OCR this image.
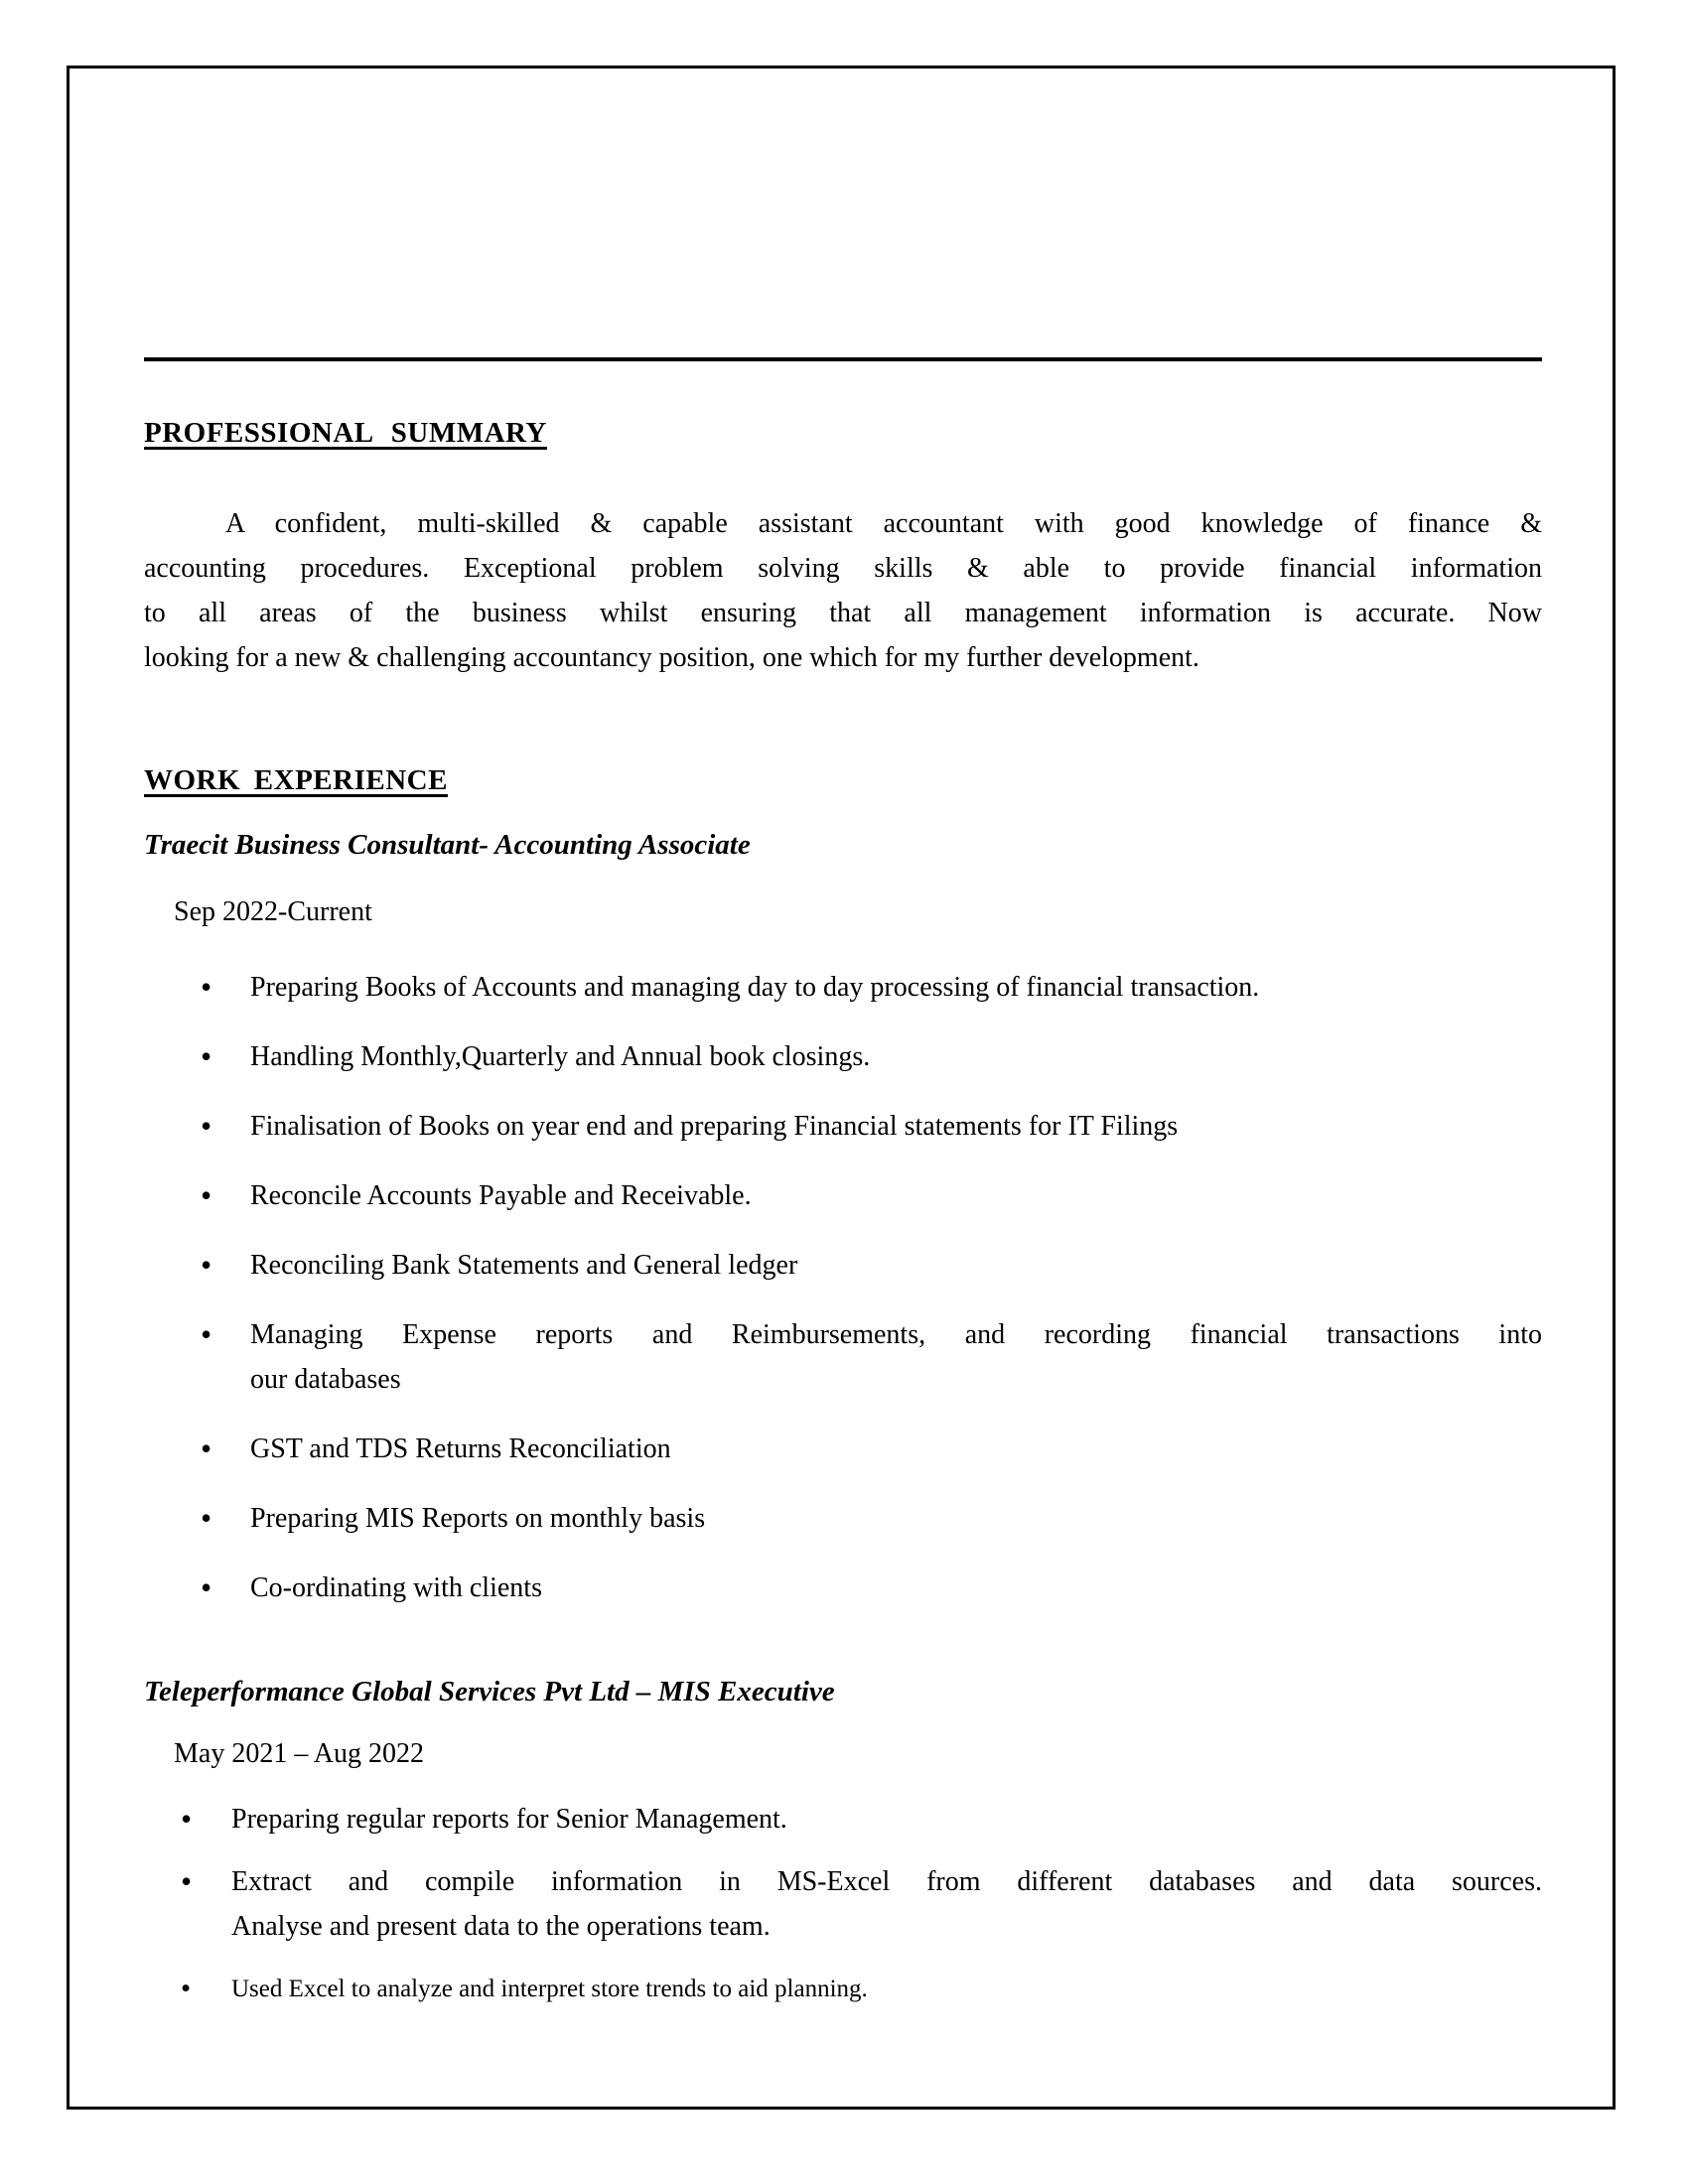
PROFESSIONAL SUMMARY
A confident, multi-skilled & capable assistant accountant with good knowledge of finance &
accounting procedures. Exceptional problem solving skills & able to provide financial information
to all areas of the business whilst ensuring that all management information is accurate. Now
looking for a new & challenging accountancy position, one which for my further development.
WORK EXPERIENCE
Traecit Business Consultant- Accounting Associate
Sep 2022-Current
•	Preparing Books of Accounts and managing day to day processing of financial transaction.
•	Handling Monthly,Quarterly and Annual book closings.
•	Finalisation of Books on year end and preparing Financial statements for IT Filings
•	Reconcile Accounts Payable and Receivable.
•	Reconciling Bank Statements and General ledger
•	Managing Expense reports and Reimbursements, and recording financial transactions into
our databases
•	GST and TDS Returns Reconciliation
•	Preparing MIS Reports on monthly basis
•	Co-ordinating with clients
Teleperformance Global Services Pvt Ltd – MIS Executive
May 2021 – Aug 2022
•	Preparing regular reports for Senior Management.
•	Extract and compile information in MS-Excel from different databases and data sources.
Analyse and present data to the operations team.
•	Used Excel to analyze and interpret store trends to aid planning.
